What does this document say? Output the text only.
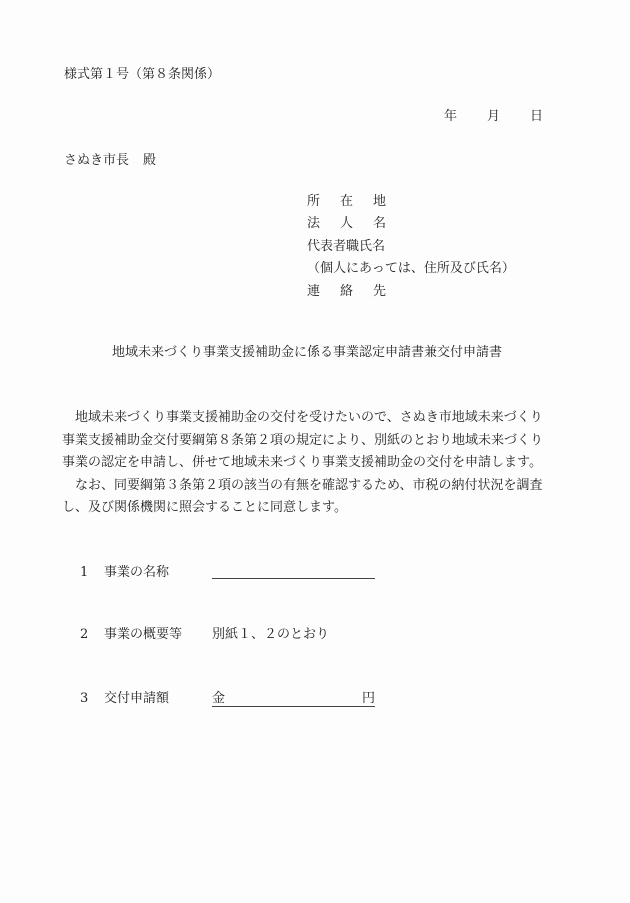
様式第１号（第８条関係）
年 月 日
さぬき市長 殿
所在地
法人名
代表者職氏名
（個人にあっては、住所及び氏名）
連絡先
地域未来づくり事業支援補助金に係る事業認定申請書兼交付申請書
　地域未来づくり事業支援補助金の交付を受けたいので、さぬき市地域未来づくり
事業支援補助金交付要綱第８条第２項の規定により、別紙のとおり地域未来づくり
事業の認定を申請し、併せて地域未来づくり事業支援補助金の交付を申請します。
　なお、同要綱第３条第２項の該当の有無を確認するため、市税の納付状況を調査
し、及び関係機関に照会することに同意します。
1 事業の名称
2 事業の概要等 別紙１、２のとおり
3 交付申請額	金	円
